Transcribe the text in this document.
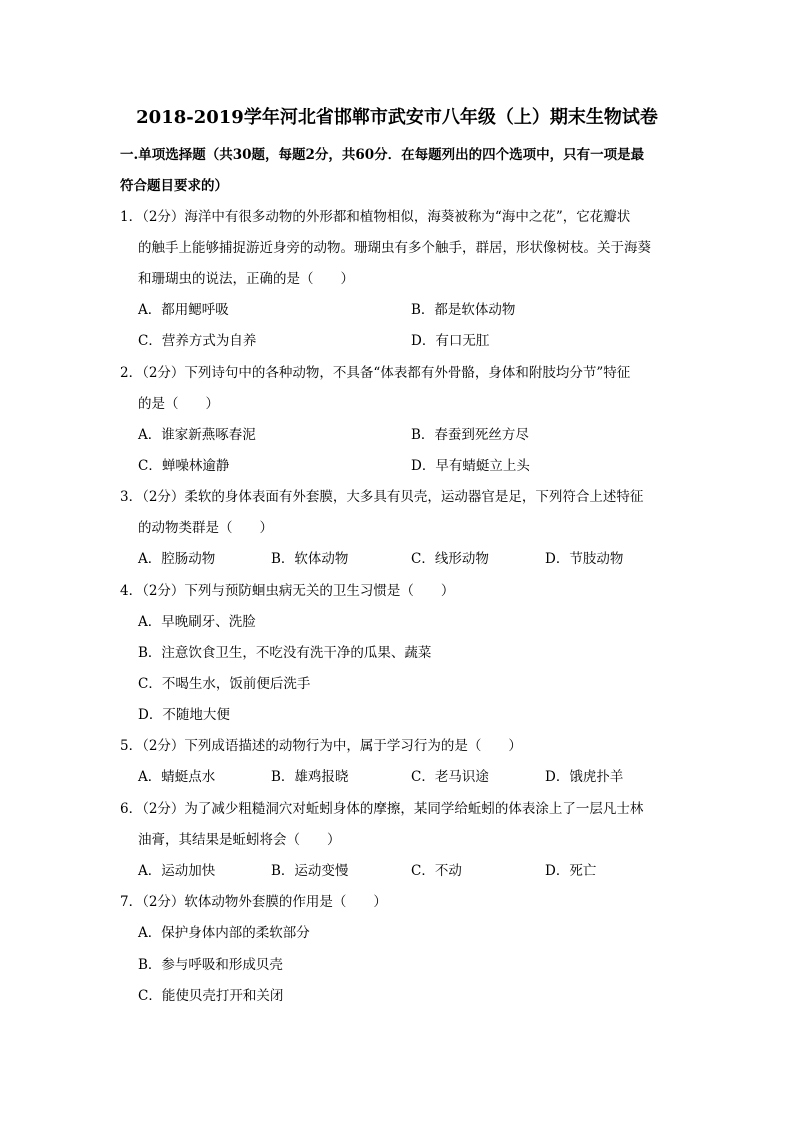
2018-2019学年河北省邯郸市武安市八年级（上）期末生物试卷
一.单项选择题（共30题，每题2分，共60分．在每题列出的四个选项中，只有一项是最
符合题目要求的）
1．（2分）海洋中有很多动物的外形都和植物相似，海葵被称为“海中之花”，它花瓣状
的触手上能够捕捉游近身旁的动物。珊瑚虫有多个触手，群居，形状像树枝。关于海葵
和珊瑚虫的说法，正确的是（　　）
A．都用鳃呼吸	B．都是软体动物
C．营养方式为自养	D．有口无肛
2．（2分）下列诗句中的各种动物，不具备“体表都有外骨骼，身体和附肢均分节”特征
的是（　　）
A．谁家新燕啄春泥	B．春蚕到死丝方尽
C．蝉噪林逾静	D．早有蜻蜓立上头
3．（2分）柔软的身体表面有外套膜，大多具有贝壳，运动器官是足，下列符合上述特征
的动物类群是（　　）
A．腔肠动物	B．软体动物	C．线形动物	D．节肢动物
4．（2分）下列与预防蛔虫病无关的卫生习惯是（　　）
A．早晚刷牙、洗脸
B．注意饮食卫生，不吃没有洗干净的瓜果、蔬菜
C．不喝生水，饭前便后洗手
D．不随地大便
5．（2分）下列成语描述的动物行为中，属于学习行为的是（　　）
A．蜻蜓点水	B．雄鸡报晓	C．老马识途	D．饿虎扑羊
6．（2分）为了减少粗糙洞穴对蚯蚓身体的摩擦，某同学给蚯蚓的体表涂上了一层凡士林
油膏，其结果是蚯蚓将会（　　）
A．运动加快	B．运动变慢	C．不动	D．死亡
7．（2分）软体动物外套膜的作用是（　　）
A．保护身体内部的柔软部分
B．参与呼吸和形成贝壳
C．能使贝壳打开和关闭
